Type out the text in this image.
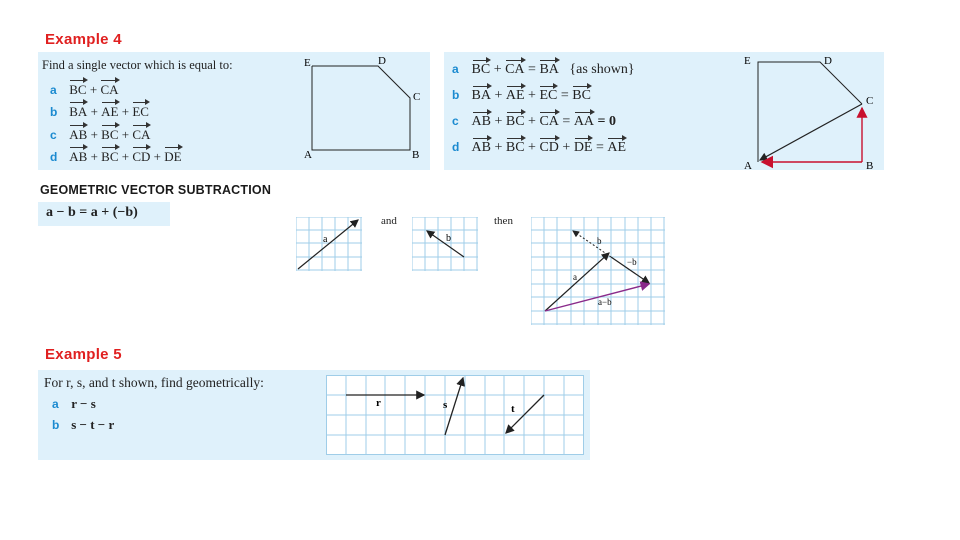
Example 4
Find a single vector which is equal to:
a BC + CA
b BA + AE + EC
c AB + BC + CA
d AB + BC + CD + DE
E	D
C
A	B
a BC + CA = BA {as shown}
b BA + AE + EC = BC
c AB + BC + CA = AA = 0
d AB + BC + CD + DE = AE
E	D
C
A	B
GEOMETRIC VECTOR SUBTRACTION
a − b = a + (−b)
a
and
b
then
b
−b
a
a−b
Example 5
For r, s, and t shown, find geometrically:
a r − s
b s − t − r
r	s	t
